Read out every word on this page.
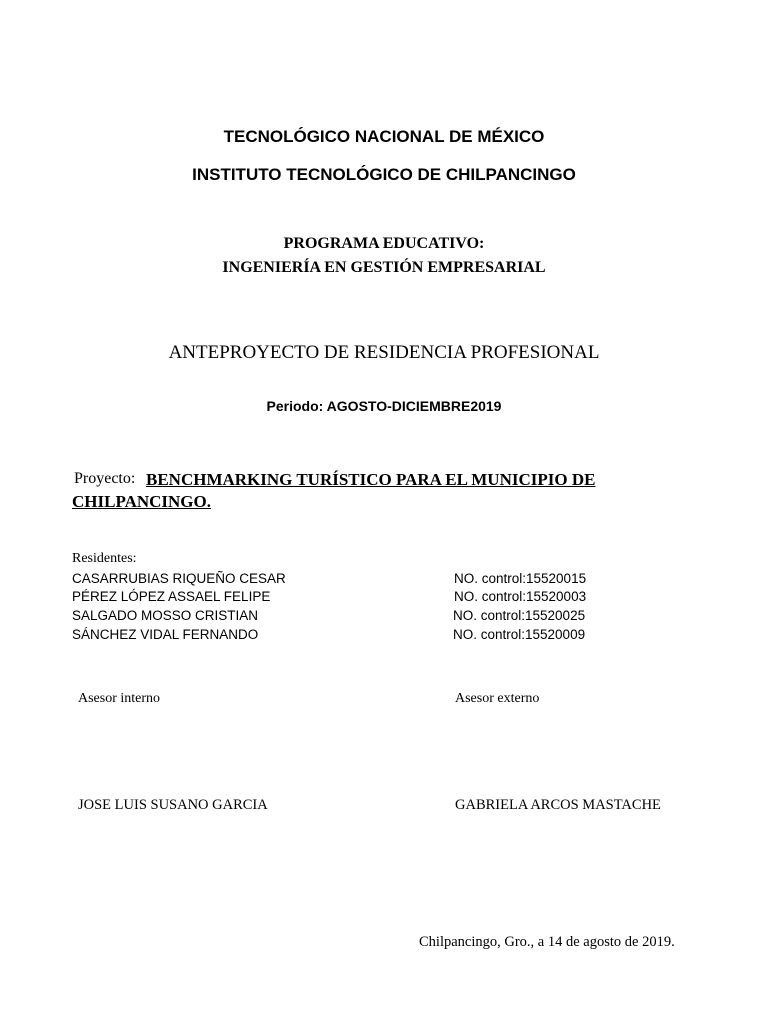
TECNOLÓGICO NACIONAL DE MÉXICO
INSTITUTO TECNOLÓGICO DE CHILPANCINGO
PROGRAMA EDUCATIVO:
INGENIERÍA EN GESTIÓN EMPRESARIAL
ANTEPROYECTO DE RESIDENCIA PROFESIONAL
Periodo: AGOSTO-DICIEMBRE2019
Proyecto: BENCHMARKING TURÍSTICO PARA EL MUNICIPIO DE
CHILPANCINGO.
Residentes:
CASARRUBIAS RIQUEÑO CESAR	NO. control:15520015
PÉREZ LÓPEZ ASSAEL FELIPE	NO. control:15520003
SALGADO MOSSO CRISTIAN	NO. control:15520025
SÁNCHEZ VIDAL FERNANDO	NO. control:15520009
Asesor interno	Asesor externo
JOSE LUIS SUSANO GARCIA	GABRIELA ARCOS MASTACHE
Chilpancingo, Gro., a 14 de agosto de 2019.
